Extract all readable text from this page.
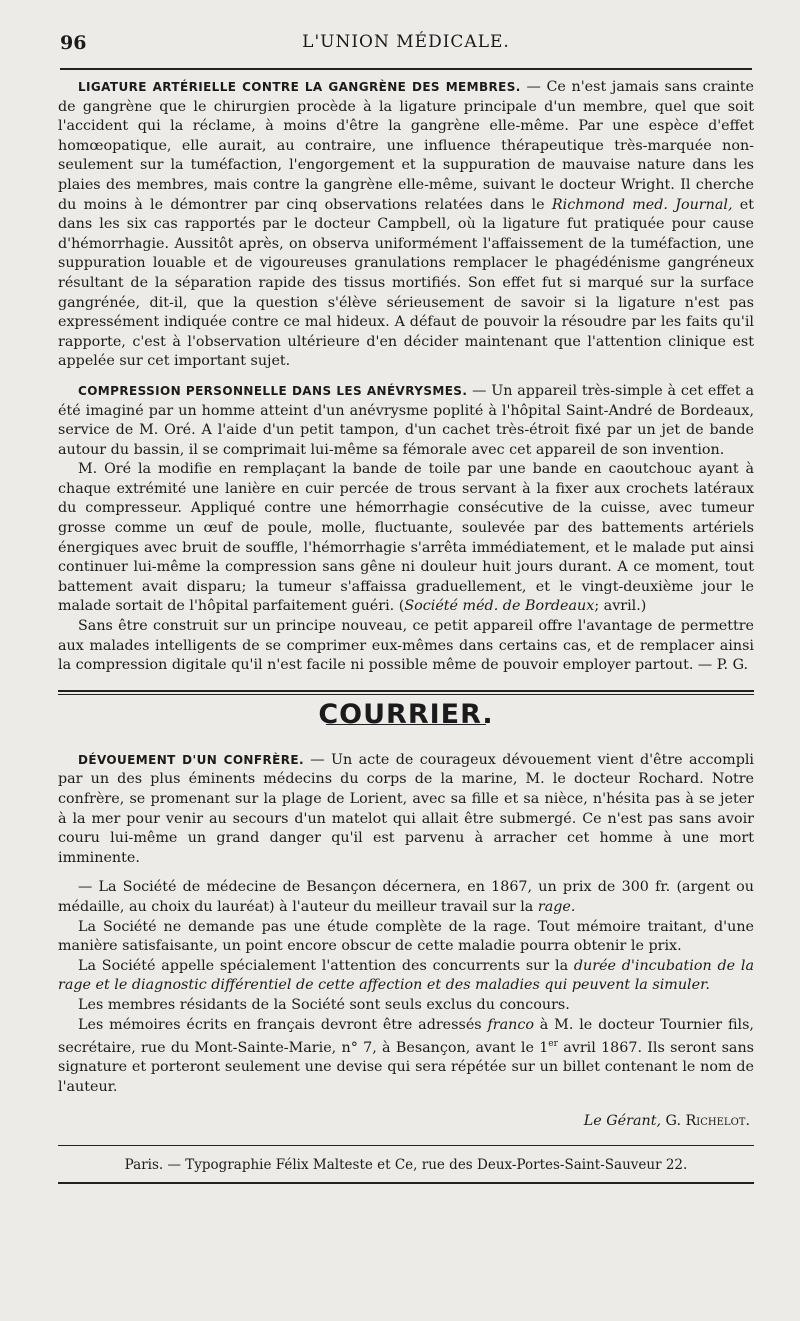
96	L'UNION MÉDICALE.

LIGATURE ARTÉRIELLE CONTRE LA GANGRÈNE DES MEMBRES. — Ce n'est jamais sans crainte de gangrène que le chirurgien procède à la ligature principale d'un membre, quel que soit l'accident qui la réclame, à moins d'être la gangrène elle-même. Par une espèce d'effet homœopatique, elle aurait, au contraire, une influence thérapeutique très-marquée non-seulement sur la tuméfaction, l'engorgement et la suppuration de mauvaise nature dans les plaies des membres, mais contre la gangrène elle-même, suivant le docteur Wright. Il cherche du moins à le démontrer par cinq observations relatées dans le Richmond med. Journal, et dans les six cas rapportés par le docteur Campbell, où la ligature fut pratiquée pour cause d'hémorrhagie. Aussitôt après, on observa uniformément l'affaissement de la tuméfaction, une suppuration louable et de vigoureuses granulations remplacer le phagédénisme gangréneux résultant de la séparation rapide des tissus mortifiés. Son effet fut si marqué sur la surface gangrénée, dit-il, que la question s'élève sérieusement de savoir si la ligature n'est pas expressément indiquée contre ce mal hideux. A défaut de pouvoir la résoudre par les faits qu'il rapporte, c'est à l'observation ultérieure d'en décider maintenant que l'attention clinique est appelée sur cet important sujet.

COMPRESSION PERSONNELLE DANS LES ANÉVRYSMES. — Un appareil très-simple à cet effet a été imaginé par un homme atteint d'un anévrysme poplité à l'hôpital Saint-André de Bordeaux, service de M. Oré. A l'aide d'un petit tampon, d'un cachet très-étroit fixé par un jet de bande autour du bassin, il se comprimait lui-même sa fémorale avec cet appareil de son invention.

M. Oré la modifie en remplaçant la bande de toile par une bande en caoutchouc ayant à chaque extrémité une lanière en cuir percée de trous servant à la fixer aux crochets latéraux du compresseur. Appliqué contre une hémorrhagie consécutive de la cuisse, avec tumeur grosse comme un œuf de poule, molle, fluctuante, soulevée par des battements artériels énergiques avec bruit de souffle, l'hémorrhagie s'arrêta immédiatement, et le malade put ainsi continuer lui-même la compression sans gêne ni douleur huit jours durant. A ce moment, tout battement avait disparu; la tumeur s'affaissa graduellement, et le vingt-deuxième jour le malade sortait de l'hôpital parfaitement guéri. (Société méd. de Bordeaux; avril.)

Sans être construit sur un principe nouveau, ce petit appareil offre l'avantage de permettre aux malades intelligents de se comprimer eux-mêmes dans certains cas, et de remplacer ainsi la compression digitale qu'il n'est facile ni possible même de pouvoir employer partout. — P. G.

COURRIER.

DÉVOUEMENT D'UN CONFRÈRE. — Un acte de courageux dévouement vient d'être accompli par un des plus éminents médecins du corps de la marine, M. le docteur Rochard. Notre confrère, se promenant sur la plage de Lorient, avec sa fille et sa nièce, n'hésita pas à se jeter à la mer pour venir au secours d'un matelot qui allait être submergé. Ce n'est pas sans avoir couru lui-même un grand danger qu'il est parvenu à arracher cet homme à une mort imminente.

— La Société de médecine de Besançon décernera, en 1867, un prix de 300 fr. (argent ou médaille, au choix du lauréat) à l'auteur du meilleur travail sur la rage.

La Société ne demande pas une étude complète de la rage. Tout mémoire traitant, d'une manière satisfaisante, un point encore obscur de cette maladie pourra obtenir le prix.

La Société appelle spécialement l'attention des concurrents sur la durée d'incubation de la rage et le diagnostic différentiel de cette affection et des maladies qui peuvent la simuler.

Les membres résidants de la Société sont seuls exclus du concours.

Les mémoires écrits en français devront être adressés franco à M. le docteur Tournier fils, secrétaire, rue du Mont-Sainte-Marie, n° 7, à Besançon, avant le 1er avril 1867. Ils seront sans signature et porteront seulement une devise qui sera répétée sur un billet contenant le nom de l'auteur.

Le Gérant, G. Richelot.
Paris. — Typographie Félix Malteste et Ce, rue des Deux-Portes-Saint-Sauveur 22.
